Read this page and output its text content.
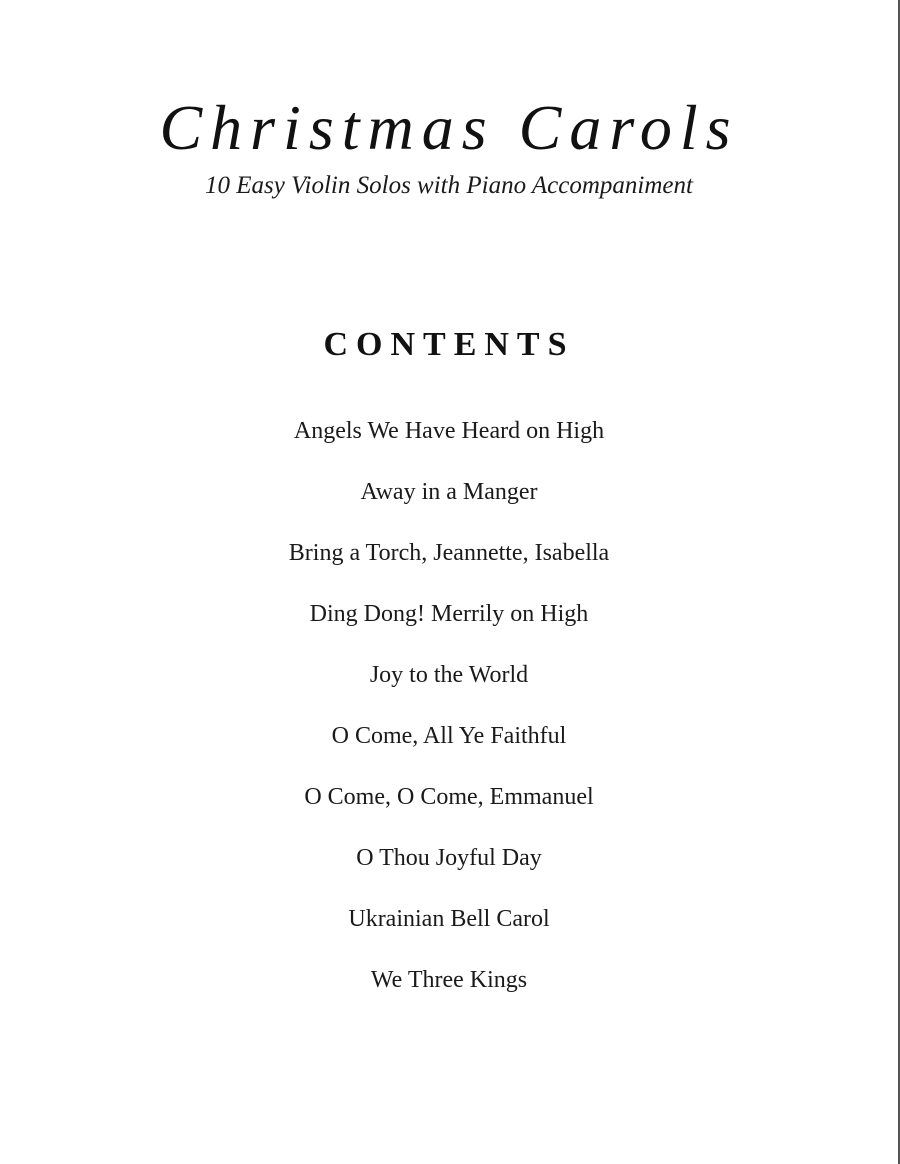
Christmas Carols
10 Easy Violin Solos with Piano Accompaniment
CONTENTS
Angels We Have Heard on High
Away in a Manger
Bring a Torch, Jeannette, Isabella
Ding Dong! Merrily on High
Joy to the World
O Come, All Ye Faithful
O Come, O Come, Emmanuel
O Thou Joyful Day
Ukrainian Bell Carol
We Three Kings
